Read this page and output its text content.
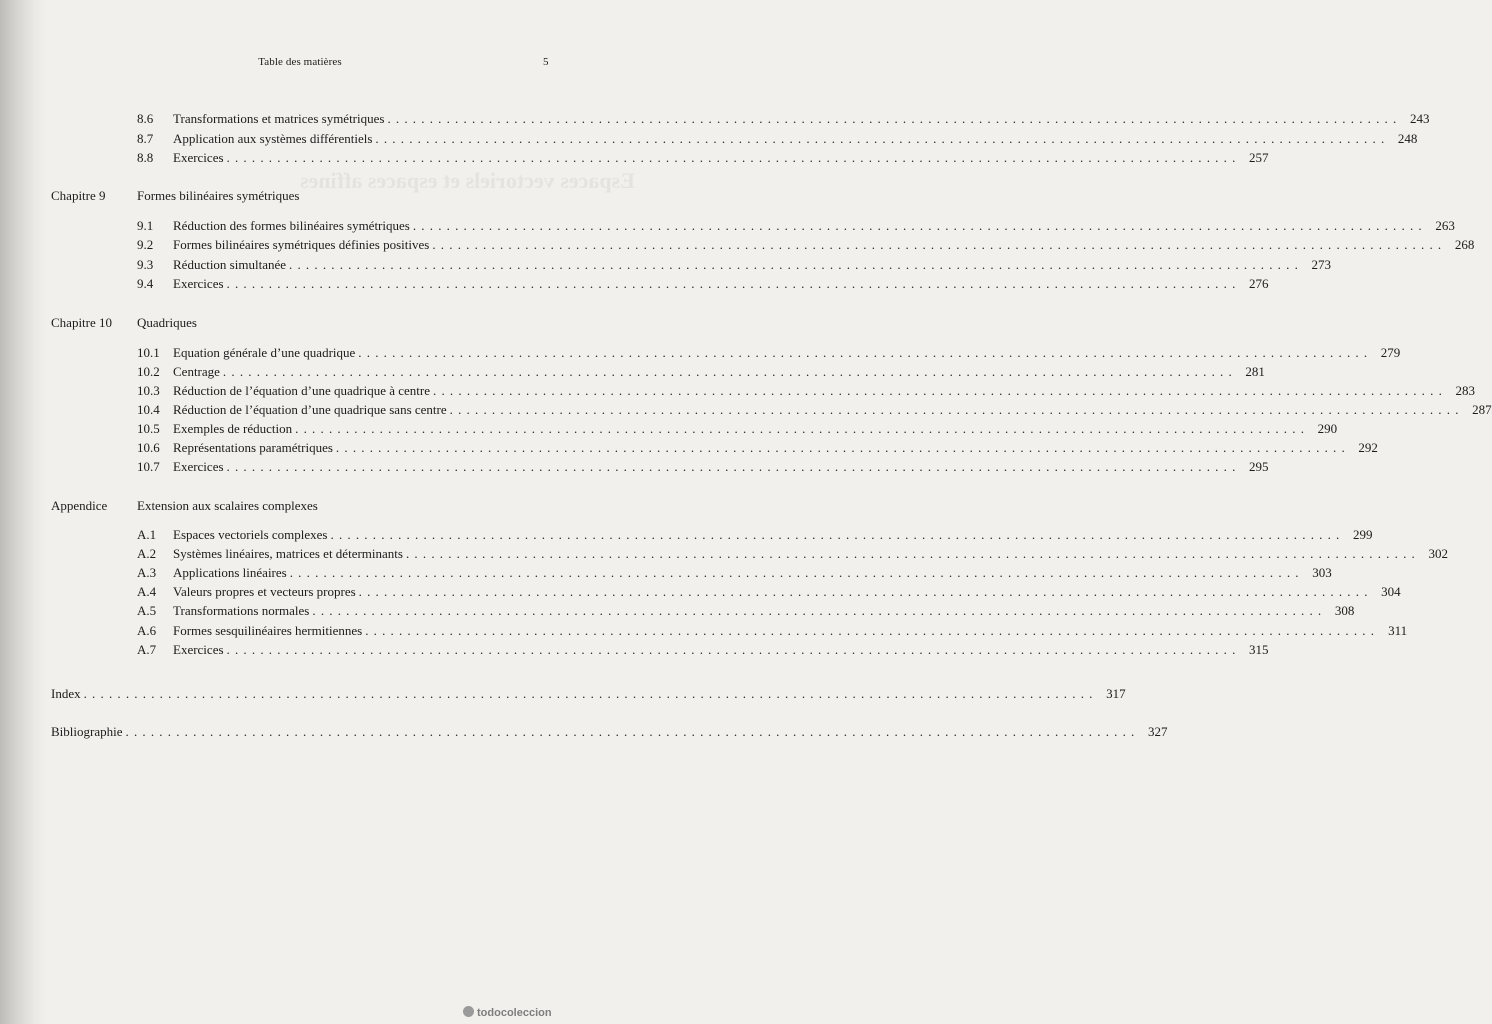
Espaces vectoriels et espaces affines
Table des matières	5
8.6	Transformations et matrices symétriques ........................................................................................................................ 243
8.7	Application aux systèmes différentiels ........................................................................................................................ 248
8.8	Exercices ........................................................................................................................ 257
Chapitre 9 Formes bilinéaires symétriques
9.1	Réduction des formes bilinéaires symétriques ........................................................................................................................ 263
9.2	Formes bilinéaires symétriques définies positives ........................................................................................................................ 268
9.3	Réduction simultanée ........................................................................................................................ 273
9.4	Exercices ........................................................................................................................ 276
Chapitre 10 Quadriques
10.1	Equation générale d’une quadrique ........................................................................................................................ 279
10.2	Centrage ........................................................................................................................ 281
10.3	Réduction de l’équation d’une quadrique à centre ........................................................................................................................ 283
10.4	Réduction de l’équation d’une quadrique sans centre ........................................................................................................................ 287
10.5	Exemples de réduction ........................................................................................................................ 290
10.6	Représentations paramétriques ........................................................................................................................ 292
10.7	Exercices ........................................................................................................................ 295
Appendice Extension aux scalaires complexes
A.1	Espaces vectoriels complexes ........................................................................................................................ 299
A.2	Systèmes linéaires, matrices et déterminants ........................................................................................................................ 302
A.3	Applications linéaires ........................................................................................................................ 303
A.4	Valeurs propres et vecteurs propres ........................................................................................................................ 304
A.5	Transformations normales ........................................................................................................................ 308
A.6	Formes sesquilinéaires hermitiennes ........................................................................................................................ 311
A.7	Exercices ........................................................................................................................ 315
Index ........................................................................................................................ 317
Bibliographie ........................................................................................................................ 327
todocoleccion
